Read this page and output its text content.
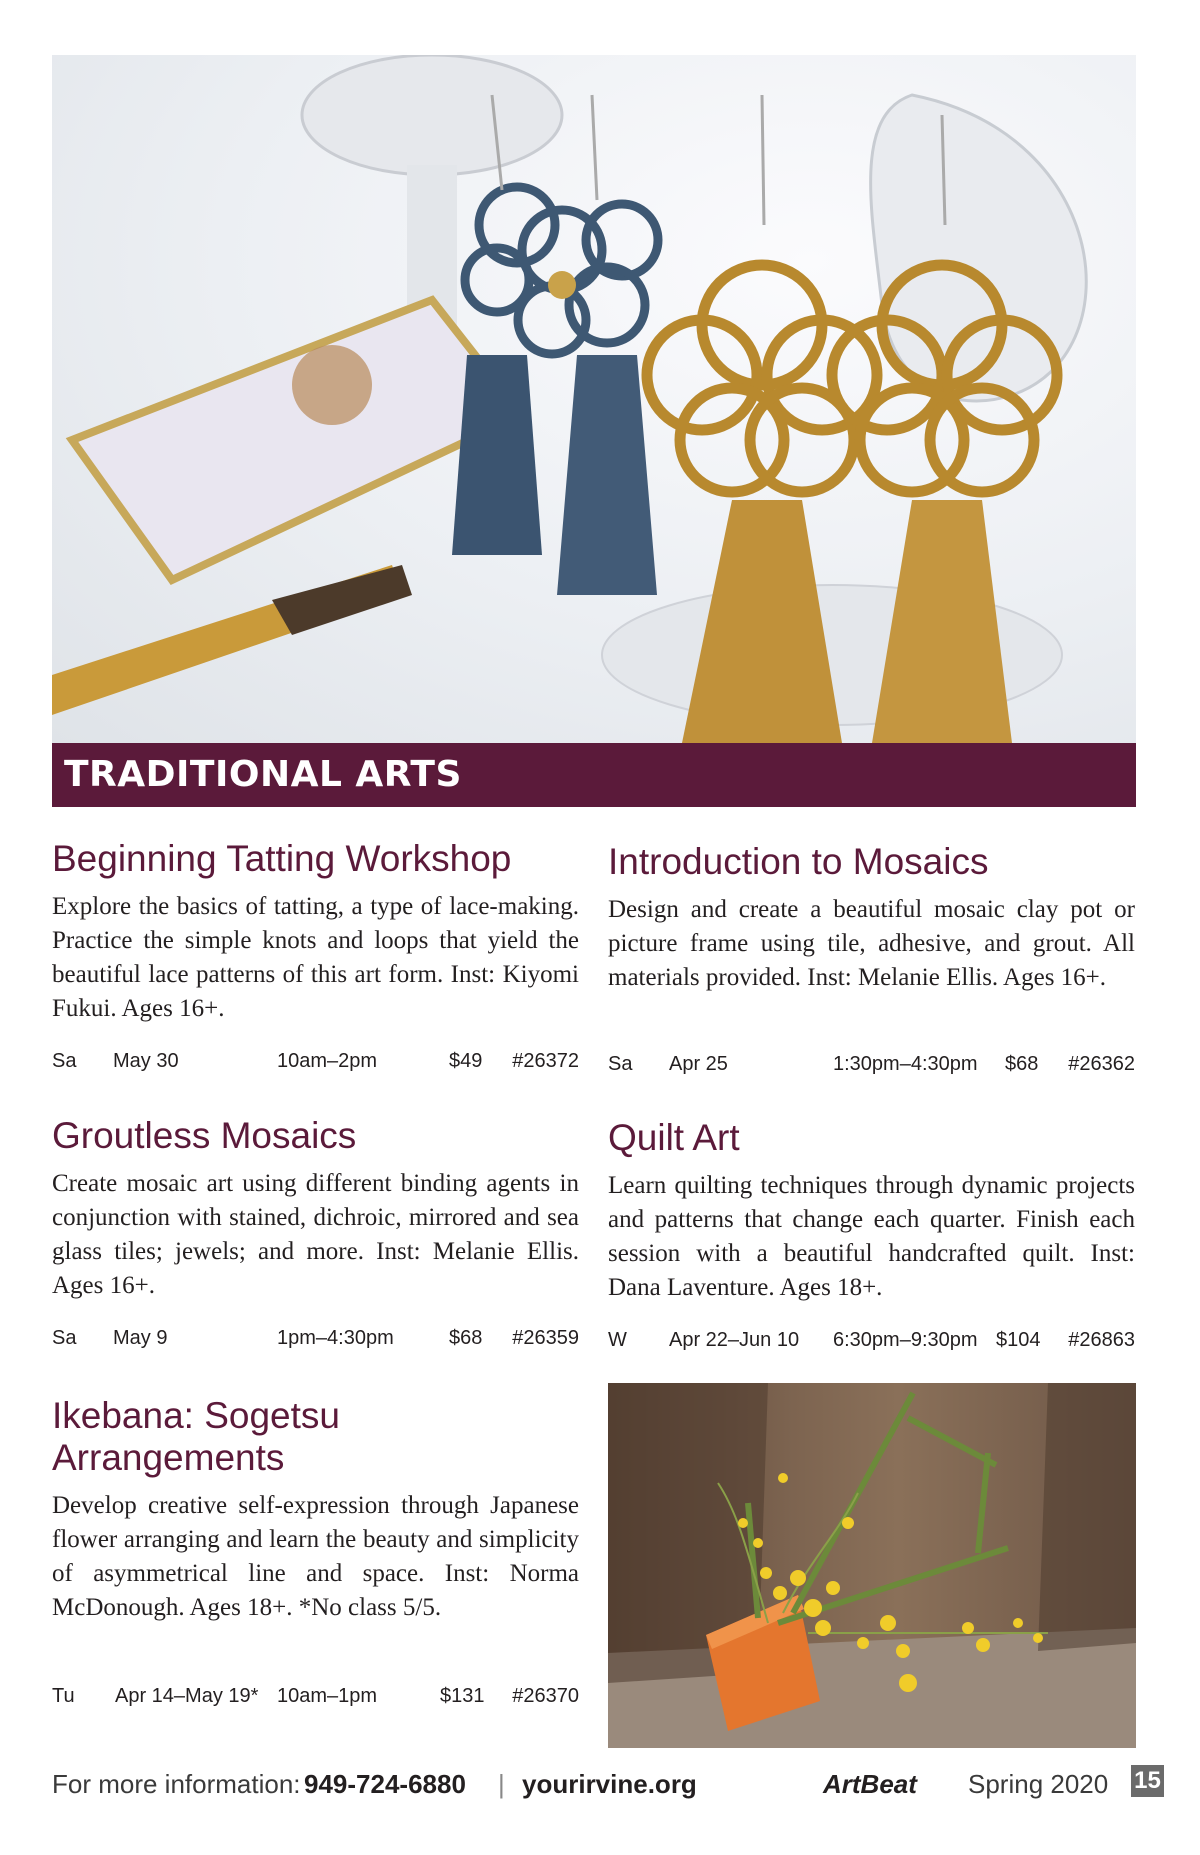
TRADITIONAL ARTS
Beginning Tatting Workshop

Explore the basics of tatting, a type of lace-making. Practice the simple knots and loops that yield the beautiful lace patterns of this art form. Inst: Kiyomi Fukui. Ages 16+.

Sa May 30	10am–2pm	$49 #26372
Introduction to Mosaics

Design and create a beautiful mosaic clay pot or picture frame using tile, adhesive, and grout. All materials provided. Inst: Melanie Ellis. Ages 16+.

Sa Apr 25	1:30pm–4:30pm $68 #26362
Groutless Mosaics

Create mosaic art using different binding agents in conjunction with stained, dichroic, mirrored and sea glass tiles; jewels; and more. Inst: Melanie Ellis. Ages 16+.

Sa May 9	1pm–4:30pm	$68 #26359
Quilt Art

Learn quilting techniques through dynamic projects and patterns that change each quarter. Finish each session with a beautiful handcrafted quilt. Inst: Dana Laventure. Ages 18+.

W Apr 22–Jun 10 6:30pm–9:30pm $104 #26863
Ikebana: Sogetsu Arrangements

Develop creative self-expression through Japanese flower arranging and learn the beauty and simplicity of asymmetrical line and space. Inst: Norma McDonough. Ages 18+. *No class 5/5.

Tu Apr 14–May 19* 10am–1pm	$131 #26370
For more information: 949-724-6880 | yourirvine.org	ArtBeat Spring 2020 15
